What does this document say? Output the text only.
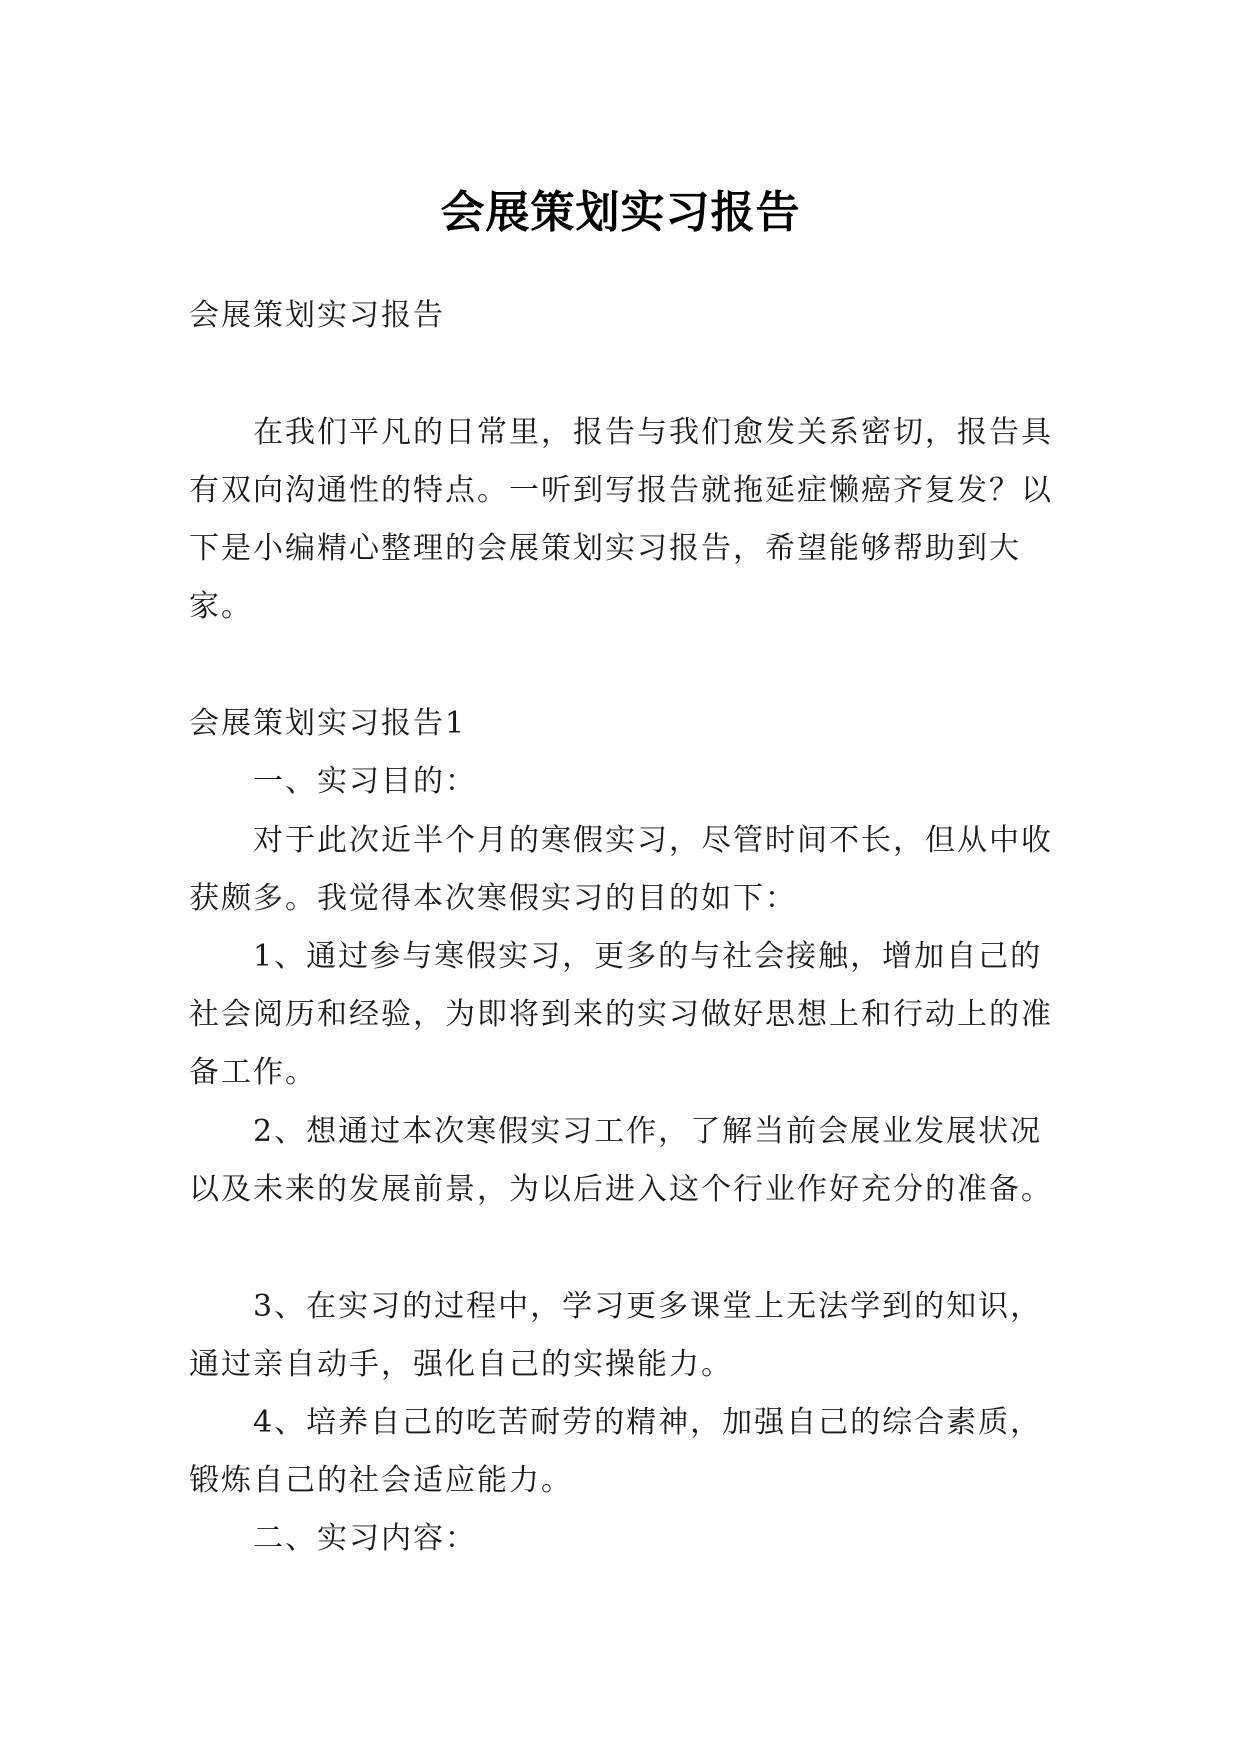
会展策划实习报告

会展策划实习报告

在我们平凡的日常里，报告与我们愈发关系密切，报告具有双向沟通性的特点。一听到写报告就拖延症懒癌齐复发？以下是小编精心整理的会展策划实习报告，希望能够帮助到大家。

会展策划实习报告1

一、实习目的：

对于此次近半个月的寒假实习，尽管时间不长，但从中收获颇多。我觉得本次寒假实习的目的如下：

1、通过参与寒假实习，更多的与社会接触，增加自己的社会阅历和经验，为即将到来的实习做好思想上和行动上的准备工作。

2、想通过本次寒假实习工作，了解当前会展业发展状况以及未来的发展前景，为以后进入这个行业作好充分的准备。

3、在实习的过程中，学习更多课堂上无法学到的知识，通过亲自动手，强化自己的实操能力。

4、培养自己的吃苦耐劳的精神，加强自己的综合素质，锻炼自己的社会适应能力。

二、实习内容：
